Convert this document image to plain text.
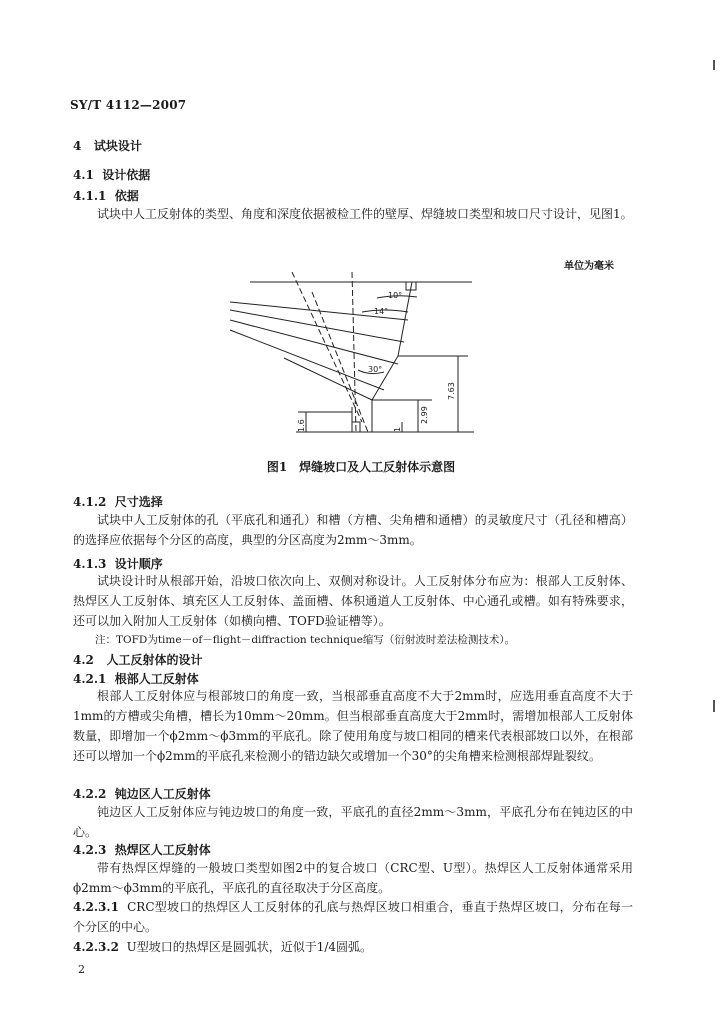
SY/T 4112—2007
4 试块设计
4.1 设计依据
4.1.1 依据
试块中人工反射体的类型、角度和深度依据被检工件的壁厚、焊缝坡口类型和坡口尺寸设计，见图1。
单位为毫米
10°
14°
30°
7.63
2.99
1.6	1
图1　焊缝坡口及人工反射体示意图
4.1.2 尺寸选择
试块中人工反射体的孔（平底孔和通孔）和槽（方槽、尖角槽和通槽）的灵敏度尺寸（孔径和槽高）的选择应依据每个分区的高度，典型的分区高度为2mm～3mm。
4.1.3 设计顺序
试块设计时从根部开始，沿坡口依次向上、双侧对称设计。人工反射体分布应为：根部人工反射体、热焊区人工反射体、填充区人工反射体、盖面槽、体积通道人工反射体、中心通孔或槽。如有特殊要求，还可以加入附加人工反射体（如横向槽、TOFD验证槽等）。
注：TOFD为time－of－flight－diffraction technique缩写（衍射波时差法检测技术）。
4.2 人工反射体的设计
4.2.1 根部人工反射体
根部人工反射体应与根部坡口的角度一致，当根部垂直高度不大于2mm时，应选用垂直高度不大于1mm的方槽或尖角槽，槽长为10mm～20mm。但当根部垂直高度大于2mm时，需增加根部人工反射体数量，即增加一个ϕ2mm～ϕ3mm的平底孔。除了使用角度与坡口相同的槽来代表根部坡口以外，在根部还可以增加一个ϕ2mm的平底孔来检测小的错边缺欠或增加一个30°的尖角槽来检测根部焊趾裂纹。
4.2.2 钝边区人工反射体
钝边区人工反射体应与钝边坡口的角度一致，平底孔的直径2mm～3mm，平底孔分布在钝边区的中心。
4.2.3 热焊区人工反射体
带有热焊区焊缝的一般坡口类型如图2中的复合坡口（CRC型、U型）。热焊区人工反射体通常采用ϕ2mm～ϕ3mm的平底孔，平底孔的直径取决于分区高度。
4.2.3.1 CRC型坡口的热焊区人工反射体的孔底与热焊区坡口相重合，垂直于热焊区坡口，分布在每一个分区的中心。
4.2.3.2 U型坡口的热焊区是圆弧状，近似于1/4圆弧。
2
